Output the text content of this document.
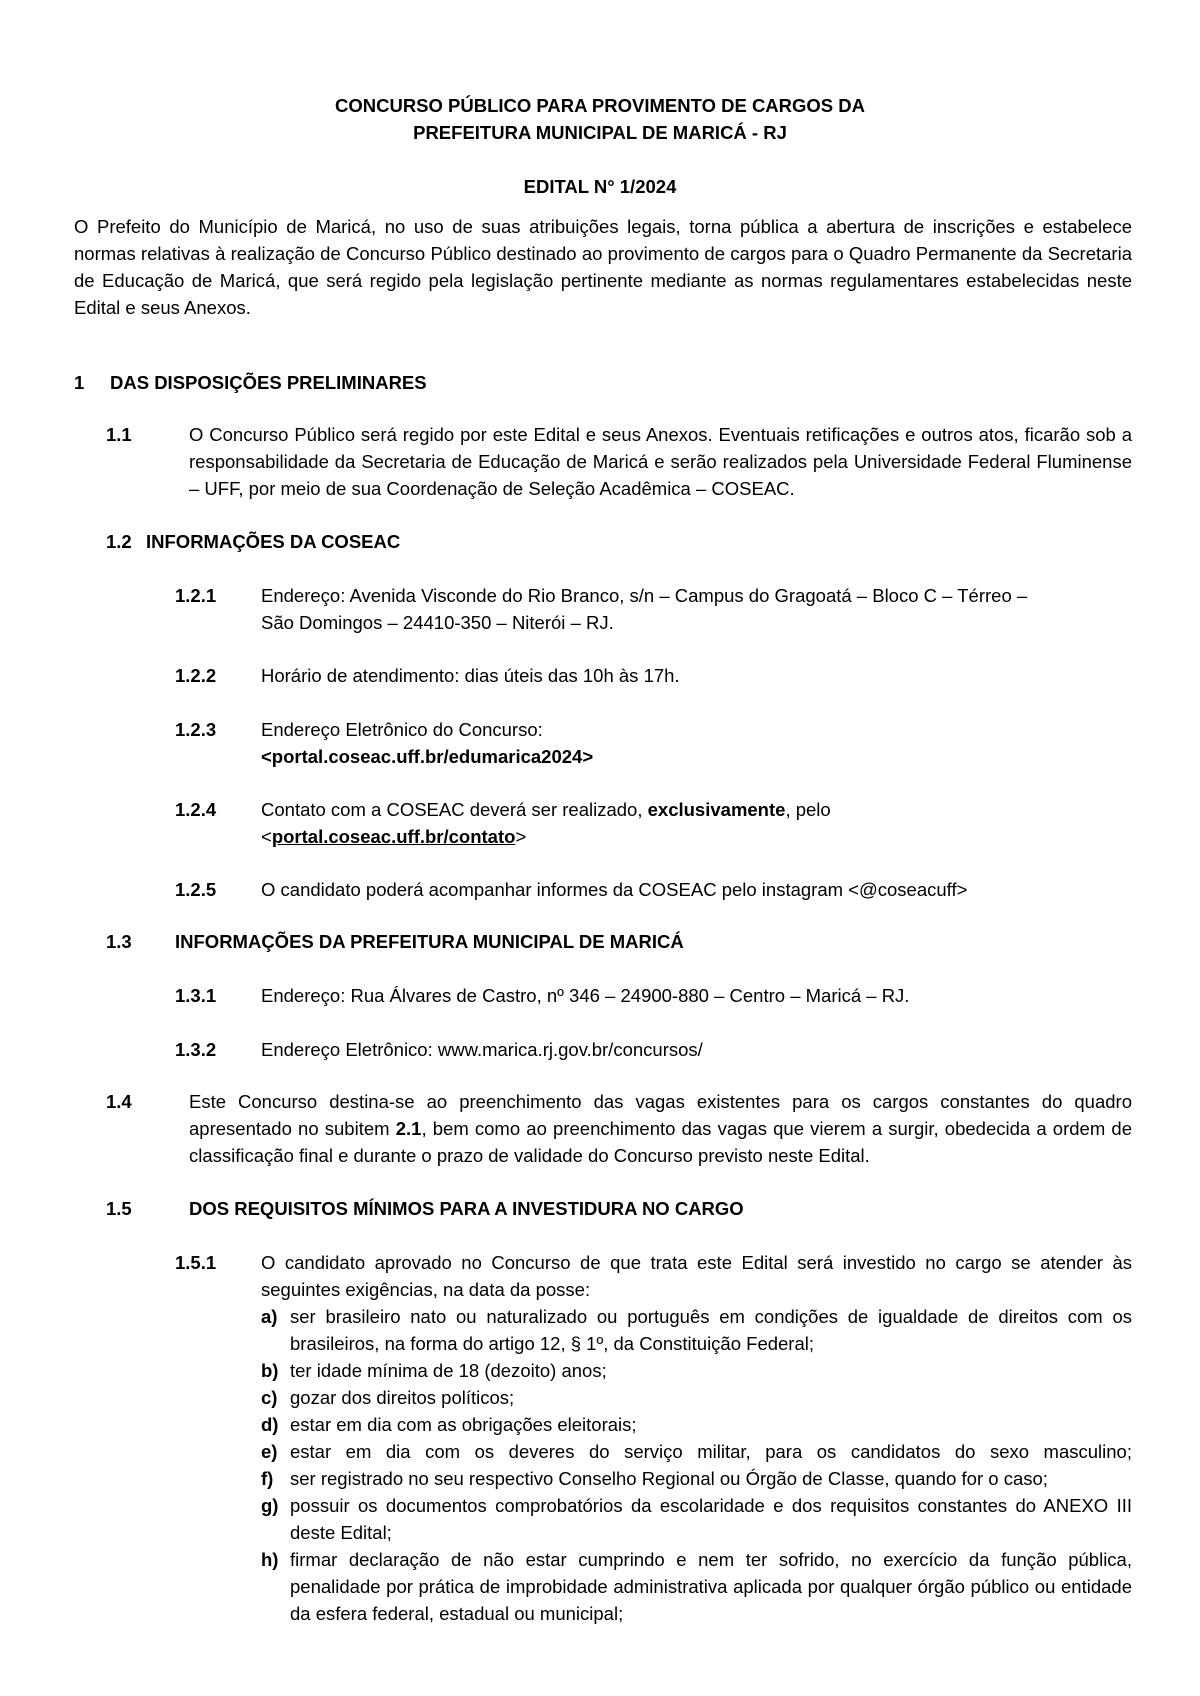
CONCURSO PÚBLICO PARA PROVIMENTO DE CARGOS DA
PREFEITURA MUNICIPAL DE MARICÁ - RJ
EDITAL N° 1/2024

O Prefeito do Município de Maricá, no uso de suas atribuições legais, torna pública a abertura de inscrições e estabelece normas relativas à realização de Concurso Público destinado ao provimento de cargos para o Quadro Permanente da Secretaria de Educação de Maricá, que será regido pela legislação pertinente mediante as normas regulamentares estabelecidas neste Edital e seus Anexos.

1 DAS DISPOSIÇÕES PRELIMINARES
1.1	O Concurso Público será regido por este Edital e seus Anexos. Eventuais retificações e outros atos, ficarão sob a responsabilidade da Secretaria de Educação de Maricá e serão realizados pela Universidade Federal Fluminense – UFF, por meio de sua Coordenação de Seleção Acadêmica – COSEAC.

1.2 INFORMAÇÕES DA COSEAC
1.2.1 Endereço: Avenida Visconde do Rio Branco, s/n – Campus do Gragoatá – Bloco C – Térreo –
São Domingos – 24410-350 – Niterói – RJ.
1.2.2 Horário de atendimento: dias úteis das 10h às 17h.
1.2.3 Endereço Eletrônico do Concurso:
<portal.coseac.uff.br/edumarica2024>
1.2.4 Contato com a COSEAC deverá ser realizado, exclusivamente, pelo
<portal.coseac.uff.br/contato>
1.2.5 O candidato poderá acompanhar informes da COSEAC pelo instagram <@coseacuff>
1.3 INFORMAÇÕES DA PREFEITURA MUNICIPAL DE MARICÁ
1.3.1 Endereço: Rua Álvares de Castro, nº 346 – 24900-880 – Centro – Maricá – RJ.
1.3.2 Endereço Eletrônico: www.marica.rj.gov.br/concursos/
1.4	Este Concurso destina-se ao preenchimento das vagas existentes para os cargos constantes do quadro apresentado no subitem 2.1, bem como ao preenchimento das vagas que vierem a surgir, obedecida a ordem de classificação final e durante o prazo de validade do Concurso previsto neste Edital.

1.5	DOS REQUISITOS MÍNIMOS PARA A INVESTIDURA NO CARGO
1.5.1 O candidato aprovado no Concurso de que trata este Edital será investido no cargo se atender às seguintes exigências, na data da posse:

a) ser brasileiro nato ou naturalizado ou português em condições de igualdade de direitos com os brasileiros, na forma do artigo 12, § 1º, da Constituição Federal;

b) ter idade mínima de 18 (dezoito) anos;

c) gozar dos direitos políticos;

d) estar em dia com as obrigações eleitorais;

e) estar em dia com os deveres do serviço militar, para os candidatos do sexo masculino;

f) ser registrado no seu respectivo Conselho Regional ou Órgão de Classe, quando for o caso;

g) possuir os documentos comprobatórios da escolaridade e dos requisitos constantes do ANEXO III deste Edital;

h) firmar declaração de não estar cumprindo e nem ter sofrido, no exercício da função pública, penalidade por prática de improbidade administrativa aplicada por qualquer órgão público ou entidade da esfera federal, estadual ou municipal;
